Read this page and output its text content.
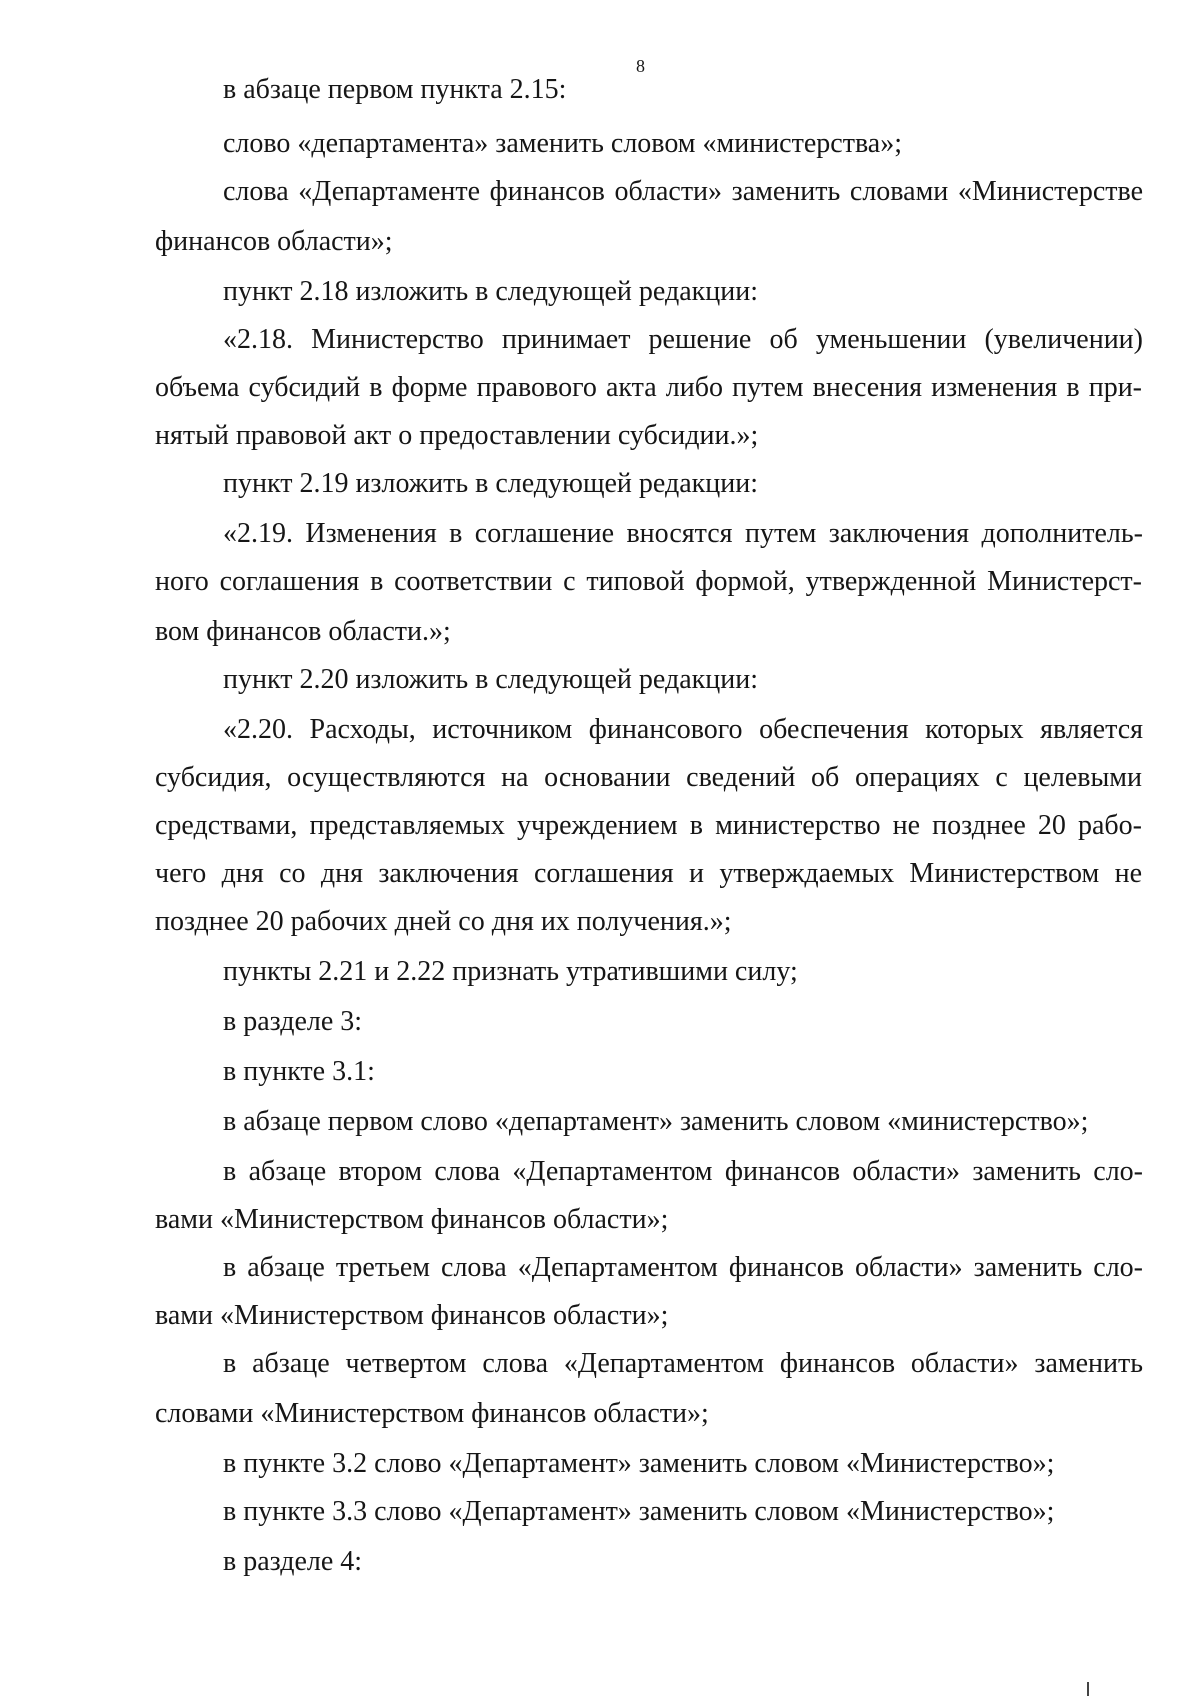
8
в абзаце первом пункта 2.15:
слово «департамента» заменить словом «министерства»;
слова «Департаменте финансов области» заменить словами «Министерстве
финансов области»;
пункт 2.18 изложить в следующей редакции:
«2.18. Министерство принимает решение об уменьшении (увеличении)
объема субсидий в форме правового акта либо путем внесения изменения в при-
нятый правовой акт о предоставлении субсидии.»;
пункт 2.19 изложить в следующей редакции:
«2.19. Изменения в соглашение вносятся путем заключения дополнитель-
ного соглашения в соответствии с типовой формой, утвержденной Министерст-
вом финансов области.»;
пункт 2.20 изложить в следующей редакции:
«2.20. Расходы, источником финансового обеспечения которых является
субсидия, осуществляются на основании сведений об операциях с целевыми
средствами, представляемых учреждением в министерство не позднее 20 рабо-
чего дня со дня заключения соглашения и утверждаемых Министерством не
позднее 20 рабочих дней со дня их получения.»;
пункты 2.21 и 2.22 признать утратившими силу;
в разделе 3:
в пункте 3.1:
в абзаце первом слово «департамент» заменить словом «министерство»;
в абзаце втором слова «Департаментом финансов области» заменить сло-
вами «Министерством финансов области»;
в абзаце третьем слова «Департаментом финансов области» заменить сло-
вами «Министерством финансов области»;
в абзаце четвертом слова «Департаментом финансов области» заменить
словами «Министерством финансов области»;
в пункте 3.2 слово «Департамент» заменить словом «Министерство»;
в пункте 3.3 слово «Департамент» заменить словом «Министерство»;
в разделе 4:
